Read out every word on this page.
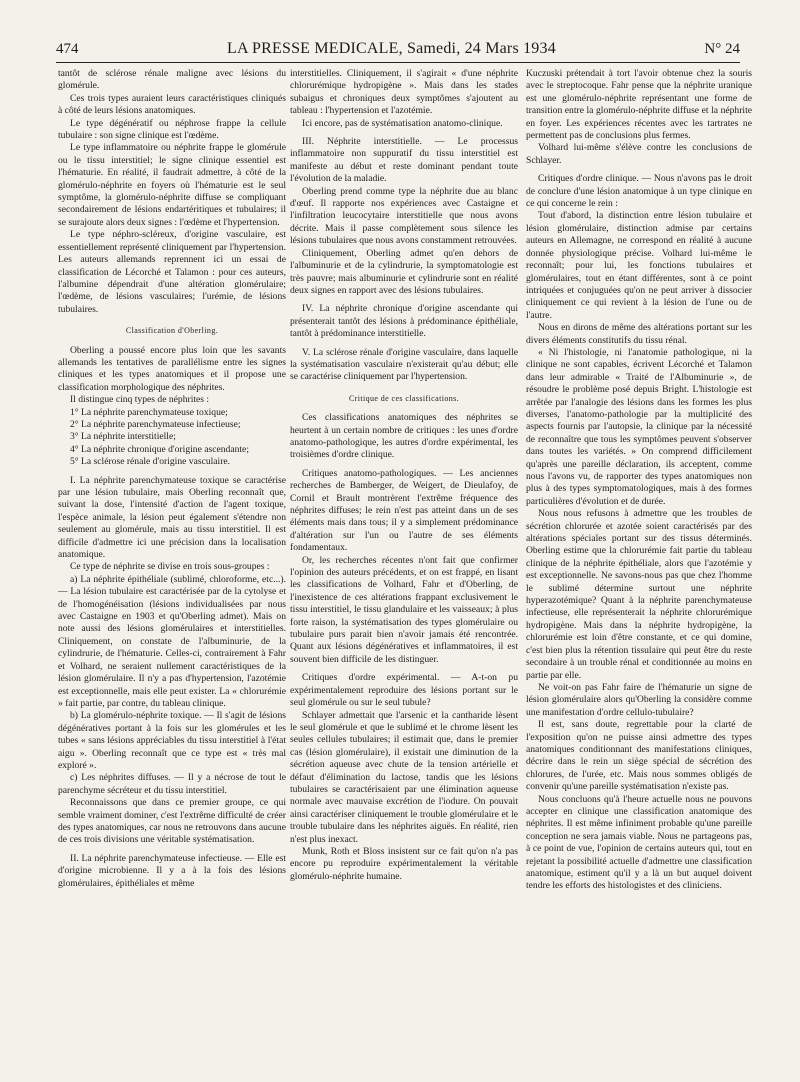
474	LA PRESSE MEDICALE, Samedi, 24 Mars 1934	N° 24

tantôt de sclérose rénale maligne avec lésions du glomérule.

Ces trois types auraient leurs caractéristiques cliniqués à côté de leurs lésions anatomiques.

Le type dégénératif ou néphrose frappe la cellule tubulaire : son signe clinique est l'œdème.

Le type inflammatoire ou néphrite frappe le glomérule ou le tissu interstitiel; le signe clinique essentiel est l'hématurie. En réalité, il faudrait admettre, à côté de la glomérulo-néphrite en foyers où l'hématurie est le seul symptôme, la glomérulo-néphrite diffuse se compliquant secondairement de lésions endartéritiques et tubulaires; il se surajoute alors deux signes : l'œdème et l'hypertension.

Le type néphro-scléreux, d'origine vasculaire, est essentiellement représenté cliniquement par l'hypertension. Les auteurs allemands reprennent ici un essai de classification de Lécorché et Talamon : pour ces auteurs, l'albumine dépendrait d'une altération glomérulaire; l'œdème, de lésions vasculaires; l'urémie, de lésions tubulaires.

Classification d'Oberling.

Oberling a poussé encore plus loin que les savants allemands les tentatives de parallélisme entre les signes cliniques et les types anatomiques et il propose une classification morphologique des néphrites.

Il distingue cinq types de néphrites :

1° La néphrite parenchymateuse toxique;

2° La néphrite parenchymateuse infectieuse;

3° La néphrite interstitielle;

4° La néphrite chronique d'origine ascendante;

5° La sclérose rénale d'origine vasculaire.

I. La néphrite parenchymateuse toxique se caractérise par une lésion tubulaire, mais Oberling reconnaît que, suivant la dose, l'intensité d'action de l'agent toxique, l'espèce animale, la lésion peut également s'étendre non seulement au glomérule, mais au tissu interstitiel. Il est difficile d'admettre ici une précision dans la localisation anatomique.

Ce type de néphrite se divise en trois sous-groupes :

a) La néphrite épithéliale (sublimé, chloroforme, etc...). — La lésion tubulaire est caractérisée par de la cytolyse et de l'homogénéisation (lésions individualisées par nous avec Castaigne en 1903 et qu'Oberling admet). Mais on note aussi des lésions glomérulaires et interstitielles. Cliniquement, on constate de l'albuminurie, de la cylindrurie, de l'hématurie. Celles-ci, contrairement à Fahr et Volhard, ne seraient nullement caractéristiques de la lésion glomérulaire. Il n'y a pas d'hypertension, l'azotémie est exceptionnelle, mais elle peut exister. La « chlorurémie » fait partie, par contre, du tableau clinique.

b) La glomérulo-néphrite toxique. — Il s'agit de lésions dégénératives portant à la fois sur les glomérules et les tubes « sans lésions appréciables du tissu interstitiel à l'état aigu ». Oberling reconnaît que ce type est « très mal exploré ».

c) Les néphrites diffuses. — Il y a nécrose de tout le parenchyme sécréteur et du tissu interstitiel.

Reconnaissons que dans ce premier groupe, ce qui semble vraiment dominer, c'est l'extrême difficulté de créer des types anatomiques, car nous ne retrouvons dans aucune de ces trois divisions une véritable systématisation.

II. La néphrite parenchymateuse infectieuse. — Elle est d'origine microbienne. Il y a à la fois des lésions glomérulaires, épithéliales et même

interstitielles. Cliniquement, il s'agirait « d'une néphrite chlorurémique hydropigène ». Mais dans les stades subaigus et chroniques deux symptômes s'ajoutent au tableau : l'hypertension et l'azotémie.

Ici encore, pas de systématisation anatomo-clinique.

III. Néphrite interstitielle. — Le processus inflammatoire non suppuratif du tissu interstitiel est manifeste au début et reste dominant pendant toute l'évolution de la maladie.

Oberling prend comme type la néphrite due au blanc d'œuf. Il rapporte nos expériences avec Castaigne et l'infiltration leucocytaire interstitielle que nous avons décrite. Mais il passe complètement sous silence les lésions tubulaires que nous avons constamment retrouvées.

Cliniquement, Oberling admet qu'en dehors de l'albuminurie et de la cylindrurie, la symptomatologie est très pauvre; mais albuminurie et cylindrurie sont en réalité deux signes en rapport avec des lésions tubulaires.

IV. La néphrite chronique d'origine ascendante qui présenterait tantôt des lésions à prédominance épithéliale, tantôt à prédominance interstitielle.

V. La sclérose rénale d'origine vasculaire, dans laquelle la systématisation vasculaire n'existerait qu'au début; elle se caractérise cliniquement par l'hypertension.

Critique de ces classifications.

Ces classifications anatomiques des néphrites se heurtent à un certain nombre de critiques : les unes d'ordre anatomo-pathologique, les autres d'ordre expérimental, les troisièmes d'ordre clinique.

Critiques anatomo-pathologiques. — Les anciennes recherches de Bamberger, de Weigert, de Dieulafoy, de Cornil et Brault montrèrent l'extrême fréquence des néphrites diffuses; le rein n'est pas atteint dans un de ses éléments mais dans tous; il y a simplement prédominance d'altération sur l'un ou l'autre de ses éléments fondamentaux.

Or, les recherches récentes n'ont fait que confirmer l'opinion des auteurs précédents, et on est frappé, en lisant les classifications de Volhard, Fahr et d'Oberling, de l'inexistence de ces altérations frappant exclusivement le tissu interstitiel, le tissu glandulaire et les vaisseaux; à plus forte raison, la systématisation des types glomérulaire ou tubulaire purs parait bien n'avoir jamais été rencontrée. Quant aux lésions dégénératives et inflammatoires, il est souvent bien difficile de les distinguer.

Critiques d'ordre expérimental. — A-t-on pu expérimentalement reproduire des lésions portant sur le seul glomérule ou sur le seul tubule?

Schlayer admettait que l'arsenic et la cantharide lèsent le seul glomérule et que le sublimé et le chrome lèsent les seules cellules tubulaires; il estimait que, dans le premier cas (lésion glomérulaire), il existait une diminution de la sécrétion aqueuse avec chute de la tension artérielle et défaut d'élimination du lactose, tandis que les lésions tubulaires se caractérisaient par une élimination aqueuse normale avec mauvaise excrétion de l'iodure. On pouvait ainsi caractériser cliniquement le trouble glomérulaire et le trouble tubulaire dans les néphrites aiguës. En réalité, rien n'est plus inexact.

Munk, Roth et Bloss insistent sur ce fait qu'on n'a pas encore pu reproduire expérimentalement la véritable glomérulo-néphrite humaine.

Kuczuski prétendait à tort l'avoir obtenue chez la souris avec le streptocoque. Fahr pense que la néphrite uranique est une glomérulo-néphrite représentant une forme de transition entre la glomérulo-néphrite diffuse et la néphrite en foyer. Les expériences récentes avec les tartrates ne permettent pas de conclusions plus fermes.

Volhard lui-même s'élève contre les conclusions de Schlayer.

Critiques d'ordre clinique. — Nous n'avons pas le droit de conclure d'une lésion anatomique à un type clinique en ce qui concerne le rein :

Tout d'abord, la distinction entre lésion tubulaire et lésion glomérulaire, distinction admise par certains auteurs en Allemagne, ne correspond en réalité à aucune donnée physiologique précise. Volhard lui-même le reconnaît; pour lui, les fonctions tubulaires et glomérulaires, tout en étant différentes, sont à ce point intriquées et conjuguées qu'on ne peut arriver à dissocier cliniquement ce qui revient à la lésion de l'une ou de l'autre.

Nous en dirons de même des altérations portant sur les divers éléments constitutifs du tissu rénal.

« Ni l'histologie, ni l'anatomie pathologique, ni la clinique ne sont capables, écrivent Lécorché et Talamon dans leur admirable « Traité de l'Albuminurie », de résoudre le problème posé depuis Bright. L'histologie est arrêtée par l'analogie des lésions dans les formes les plus diverses, l'anatomo-pathologie par la multiplicité des aspects fournis par l'autopsie, la clinique par la nécessité de reconnaître que tous les symptômes peuvent s'observer dans toutes les variétés. » On comprend difficilement qu'après une pareille déclaration, ils acceptent, comme nous l'avons vu, de rapporter des types anatomiques non plus à des types symptomatologiques, mais à des formes particulières d'évolution et de durée.

Nous nous refusons à admettre que les troubles de sécrétion chlorurée et azotée soient caractérisés par des altérations spéciales portant sur des tissus déterminés. Oberling estime que la chlorurémie fait partie du tableau clinique de la néphrite épithéliale, alors que l'azotémie y est exceptionnelle. Ne savons-nous pas que chez l'homme le sublimé détermine surtout une néphrite hyperazotémique? Quant à la néphrite parenchymateuse infectieuse, elle représenterait la néphrite chlorurémique hydropigène. Mais dans la néphrite hydropigène, la chlorurémie est loin d'être constante, et ce qui domine, c'est bien plus la rétention tissulaire qui peut être du reste secondaire à un trouble rénal et conditionnée au moins en partie par elle.

Ne voit-on pas Fahr faire de l'hématurie un signe de lésion glomérulaire alors qu'Oberling la considère comme une manifestation d'ordre cellulo-tubulaire?

Il est, sans doute, regrettable pour la clarté de l'exposition qu'on ne puisse ainsi admettre des types anatomiques conditionnant des manifestations cliniques, décrire dans le rein un siège spécial de sécrétion des chlorures, de l'urée, etc. Mais nous sommes obligés de convenir qu'une pareille systématisation n'existe pas.

Nous concluons qu'à l'heure actuelle nous ne pouvons accepter en clinique une classification anatomique des néphrites. Il est même infiniment probable qu'une pareille conception ne sera jamais viable. Nous ne partageons pas, à ce point de vue, l'opinion de certains auteurs qui, tout en rejetant la possibilité actuelle d'admettre une classification anatomique, estiment qu'il y a là un but auquel doivent tendre les efforts des histologistes et des cliniciens.
